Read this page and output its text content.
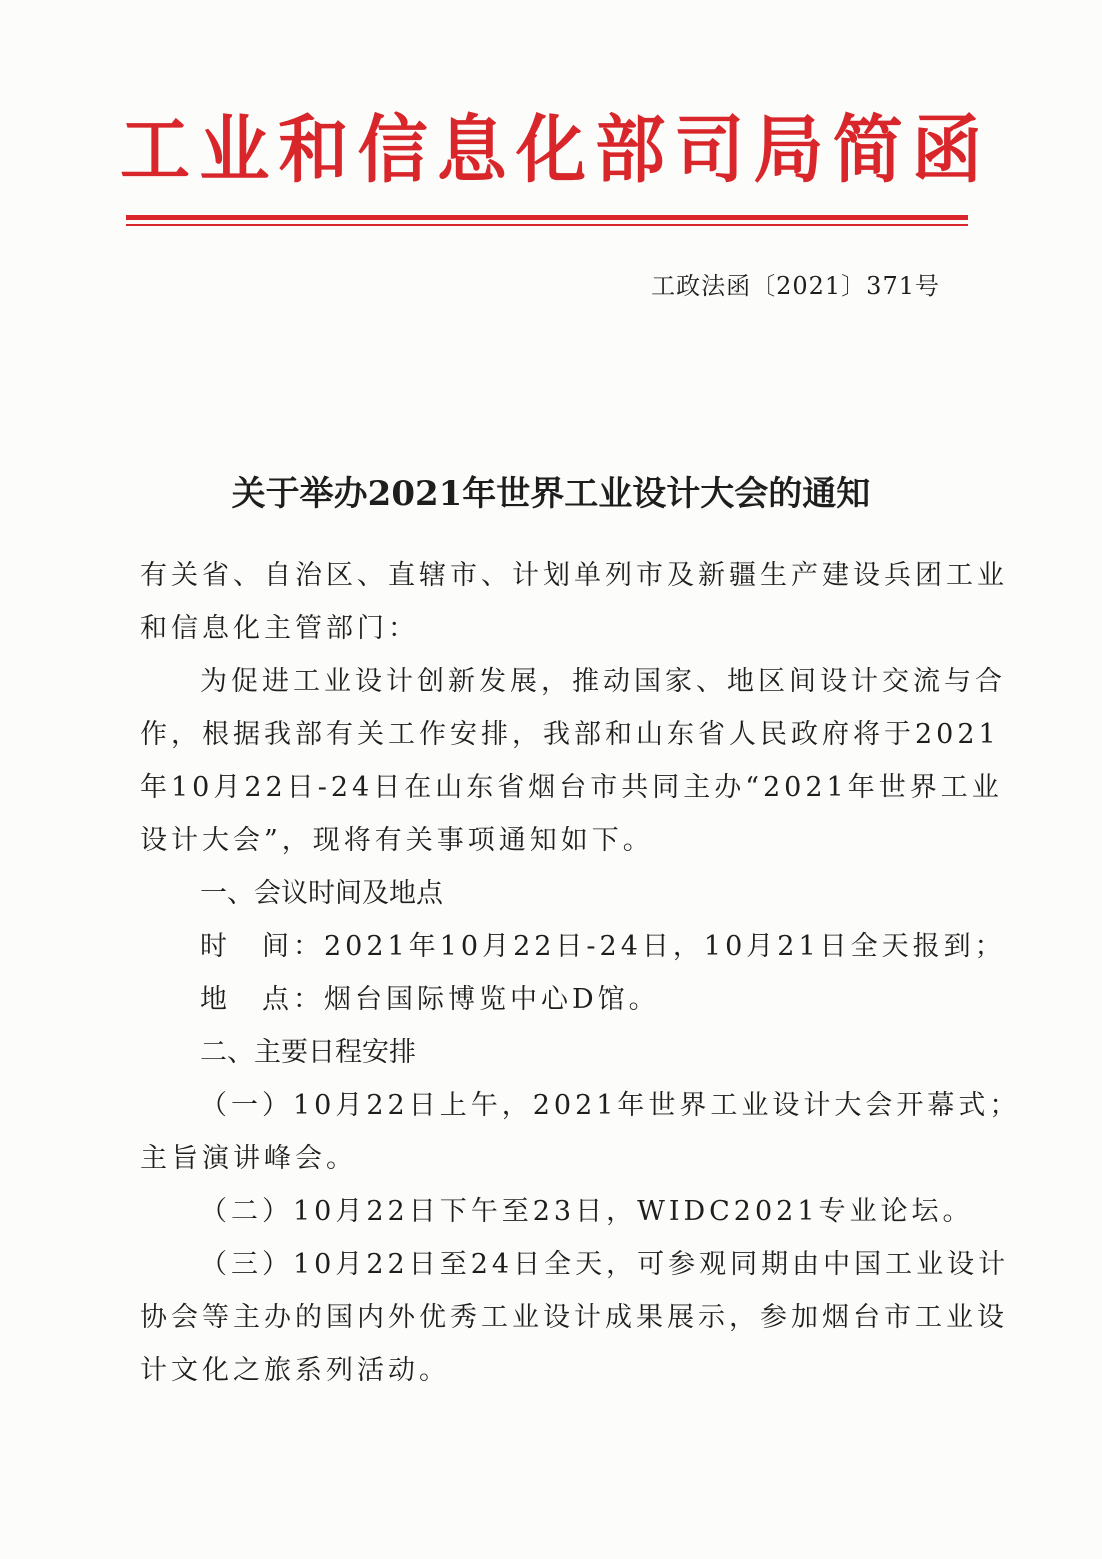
工 业 和 信 息 化 部 司 局 简 函
工政法函〔2021〕371号
关于举办2021年世界工业设计大会的通知
有关省、自治区、直辖市、计划单列市及新疆生产建设兵团工业
和信息化主管部门：
为促进工业设计创新发展，推动国家、地区间设计交流与合
作，根据我部有关工作安排，我部和山东省人民政府将于2021
年10月22日-24日在山东省烟台市共同主办“2021年世界工业
设计大会”，现将有关事项通知如下。
一、会议时间及地点
时　间：2021年10月22日-24日，10月21日全天报到；
地　点：烟台国际博览中心D馆。
二、主要日程安排
（一）10月22日上午，2021年世界工业设计大会开幕式；
主旨演讲峰会。
（二）10月22日下午至23日，WIDC2021专业论坛。
（三）10月22日至24日全天，可参观同期由中国工业设计
协会等主办的国内外优秀工业设计成果展示，参加烟台市工业设
计文化之旅系列活动。
